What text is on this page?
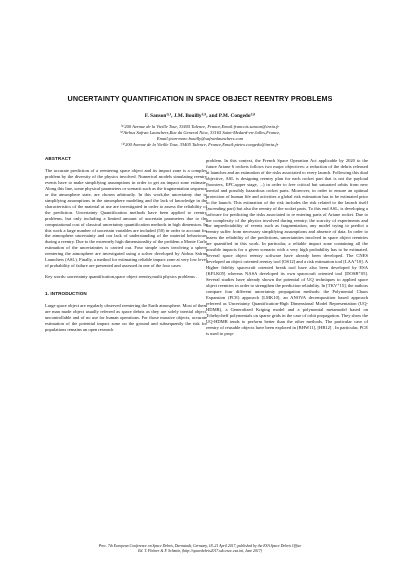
UNCERTAINTY QUANTIFICATION IN SPACE OBJECT REENTRY PROBLEMS
F. Sanson⁽¹⁾, J.M. Bouilly⁽²⁾, and P.M. Congedo⁽³⁾
⁽¹⁾200 Avenue de la Vieille Tour, 33405 Talence, France,Email:francois.sanson@inria.fr
⁽²⁾Airbus Safran Launchers,Rue du General Niox, 33165 Saint-Medard-en-Jalles,France,
Email:jean-marc.bouilly@safranlaunchers.com
⁽³⁾200 Avenue de la Vieille Tour, 33405 Talence, France,Email:pietro.congedo@inria.fr
ABSTRACT

The accurate prediction of a reentering space object and its impact zone is a complex problem by the diversity of the physics involved. Numerical models simulating reentry events have to make simplifying assumptions in order to get an impact zone estimate. Along this line, some physical parameters or scenarii such as the fragmentation sequence or the atmosphere state, are chosen arbitrarily. In this work,the uncertainty due to simplifying assumptions in the atmosphere modeling and the lack of knowledge in the characteristics of the material at use are investigated in order to assess the reliability of the prediction. Uncertainty Quantification methods have been applied to reentry problems, but only including a limited amount of uncertain parameters due to the computational cost of classical uncertainty quantification methods in high dimension. In this work a large number of uncertain variables are included (50) in order to account for the atmosphere uncertainty and our lack of understanding of the material behaviours during a reentry. Due to the extremely high dimensionality of the problem a Monte Carlo estimation of the uncertainties is carried out. Four simple cases involving a sphere reentering the atmosphere are investigated using a solver developed by Airbus Safran Launchers (ASL). Finally, a method for estimating reliable impact zone at very low level of probability of failure are presented and assessed in one of the four cases

Key words: uncertainty quantification,space object reentry,multi physics problems .

1. INTRODUCTION

Large space object are regularly observed reentering the Earth atmosphere. Most of them are man made object usually referred as space debris as they are solely inertial object, uncontrollable and of no use for human operations. For those massive objects, accurate estimation of the potential impact zone on the ground and subsequently the risk for populations remains an open research

problem. In this context, the French Space Operation Act applicable by 2020 to the future Ariane 6 rockets follows two major objectives: a reduction of the debris released at launches and an estimation of the risks associated to every launch. Following this dual objective, ASL is designing reentry plan for each rocket part that is not the payload (boosters, EPC,upper stage, ...) in order to free critical but saturated orbits from new inertial and possibly hazardous rocket parts. Moreover, in order to ensure an optimal protection of human life and activities a global risk estimation has to be estimated prior to the launch. This estimation of the risk includes the risk related to the launch itself (ascending part) but also the reentry of the rocket parts. To this end ASL, is developing a software for predicting the risks associated to re entering parts of Ariane rocket. Due to the complexity of the physics involved during reentry, the scarcity of experiments and the unpredictability of events such as fragmentation, any model trying to predict a reentry suffer from necessary simplifying assumptions and absence of data. In order to assess the reliability of the predictions, uncertainties involved in space object reentries are quantified in this work. In particular, a reliable impact zone containing all the possible impacts for a given scenario with a very high probability has to be estimated. Several space object reentry software have already been developed. The CNES developed an object oriented reentry tool [OS12] and a risk estimation tool [LAA⁺10]. A Higher fidelity spacecraft oriented break tool have also been developed by ESA [KFLK05] whereas NASA developed its own spacecraft oriented tool [DOSB⁺05]. Several studies have already shown the potential of UQ techniques to applied space object reentries in order to strengthen the prediction reliability. In [TKV⁺15], the authors compare four different uncertainty propagation methods: the Polynomial Chaos Expansion (PCE) approach [LMK10], an ANOVA decomposition based approach refereed as Uncertainty Quantification-High Dimensional Model Representation (UQ-HDMR), a Generalized Kriging model and a polynomial metamodel based on Tchebycheff polynomials on sparse grids in the case of orbit propagation. They show the UQ-HDMR tends to perform better than the other methods. The particular case of reentry of reusable objects have been explored in [BHW11], [HB12] . In particular, PCE is used to prop-

Proc. 7th European Conference on Space Debris, Darmstadt, Germany, 18–21 April 2017, published by the ESA Space Debris Office
Ed. T. Flohrer & F. Schmitz, (http://spacedebris2017.sdo.esoc.esa.int, June 2017)
